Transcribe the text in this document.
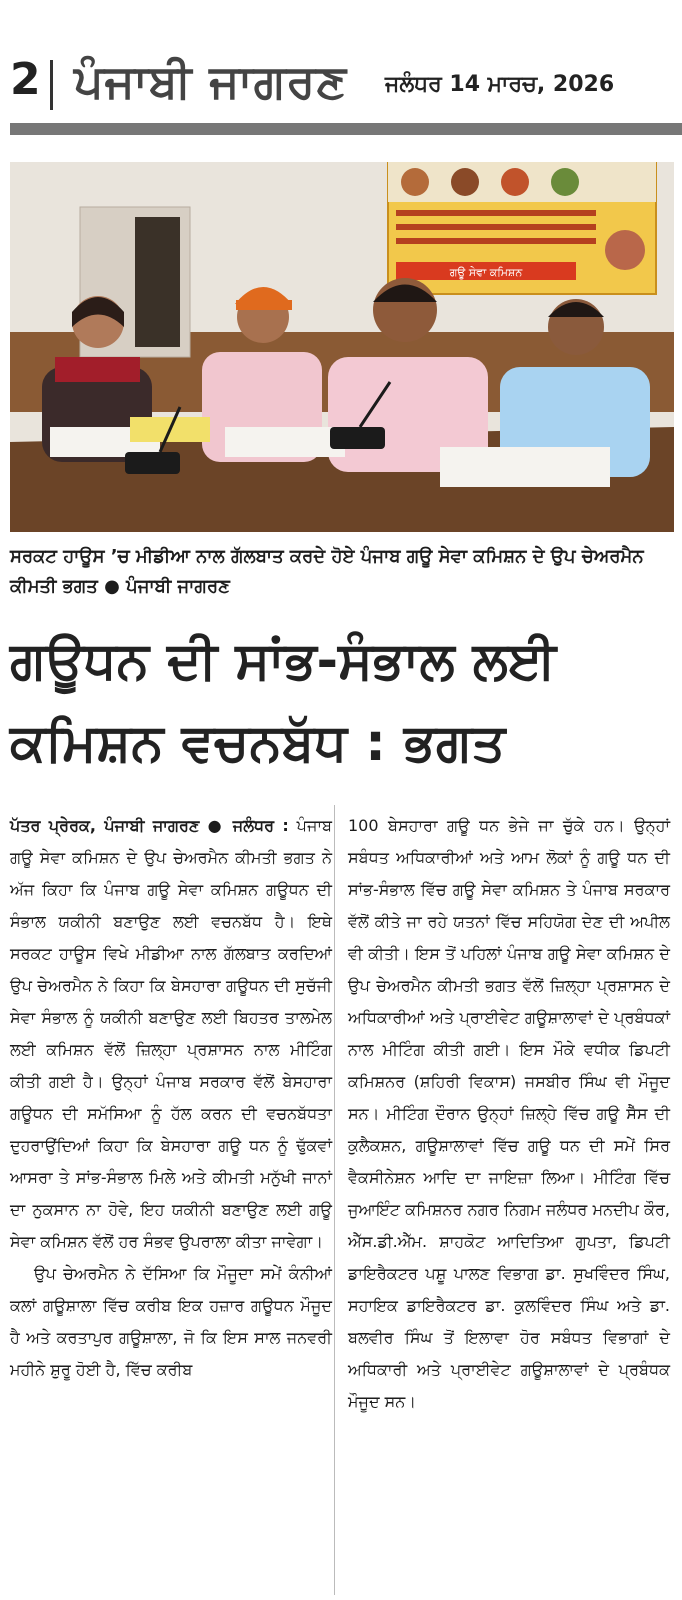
2 ਪੰਜਾਬੀ ਜਾਗਰਣ ਜਲੰਧਰ 14 ਮਾਰਚ, 2026
ਗਊ ਸੇਵਾ ਕਮਿਸ਼ਨ
ਸਰਕਟ ਹਾਊਸ ’ਚ ਮੀਡੀਆ ਨਾਲ ਗੱਲਬਾਤ ਕਰਦੇ ਹੋਏ ਪੰਜਾਬ ਗਊ ਸੇਵਾ ਕਮਿਸ਼ਨ ਦੇ ਉਪ ਚੇਅਰਮੈਨ ਕੀਮਤੀ ਭਗਤ ● ਪੰਜਾਬੀ ਜਾਗਰਣ
ਗਊਧਨ ਦੀ ਸਾਂਭ-ਸੰਭਾਲ ਲਈ ਕਮਿਸ਼ਨ ਵਚਨਬੱਧ : ਭਗਤ

ਪੱਤਰ ਪ੍ਰੇਰਕ, ਪੰਜਾਬੀ ਜਾਗਰਣ ● ਜਲੰਧਰ : ਪੰਜਾਬ ਗਊ ਸੇਵਾ ਕਮਿਸ਼ਨ ਦੇ ਉਪ ਚੇਅਰਮੈਨ ਕੀਮਤੀ ਭਗਤ ਨੇ ਅੱਜ ਕਿਹਾ ਕਿ ਪੰਜਾਬ ਗਊ ਸੇਵਾ ਕਮਿਸ਼ਨ ਗਊਧਨ ਦੀ ਸੰਭਾਲ ਯਕੀਨੀ ਬਣਾਉਣ ਲਈ ਵਚਨਬੱਧ ਹੈ। ਇਥੇ ਸਰਕਟ ਹਾਊਸ ਵਿਖੇ ਮੀਡੀਆ ਨਾਲ ਗੱਲਬਾਤ ਕਰਦਿਆਂ ਉਪ ਚੇਅਰਮੈਨ ਨੇ ਕਿਹਾ ਕਿ ਬੇਸਹਾਰਾ ਗਊਧਨ ਦੀ ਸੁਚੱਜੀ ਸੇਵਾ ਸੰਭਾਲ ਨੂੰ ਯਕੀਨੀ ਬਣਾਉਣ ਲਈ ਬਿਹਤਰ ਤਾਲਮੇਲ ਲਈ ਕਮਿਸ਼ਨ ਵੱਲੋਂ ਜ਼ਿਲ੍ਹਾ ਪ੍ਰਸ਼ਾਸਨ ਨਾਲ ਮੀਟਿੰਗ ਕੀਤੀ ਗਈ ਹੈ। ਉਨ੍ਹਾਂ ਪੰਜਾਬ ਸਰਕਾਰ ਵੱਲੋਂ ਬੇਸਹਾਰਾ ਗਊਧਨ ਦੀ ਸਮੱਸਿਆ ਨੂੰ ਹੱਲ ਕਰਨ ਦੀ ਵਚਨਬੱਧਤਾ ਦੁਹਰਾਉਂਦਿਆਂ ਕਿਹਾ ਕਿ ਬੇਸਹਾਰਾ ਗਊ ਧਨ ਨੂੰ ਢੁੱਕਵਾਂ ਆਸਰਾ ਤੇ ਸਾਂਭ-ਸੰਭਾਲ ਮਿਲੇ ਅਤੇ ਕੀਮਤੀ ਮਨੁੱਖੀ ਜਾਨਾਂ ਦਾ ਨੁਕਸਾਨ ਨਾ ਹੋਵੇ, ਇਹ ਯਕੀਨੀ ਬਣਾਉਣ ਲਈ ਗਊ ਸੇਵਾ ਕਮਿਸ਼ਨ ਵੱਲੋਂ ਹਰ ਸੰਭਵ ਉਪਰਾਲਾ ਕੀਤਾ ਜਾਵੇਗਾ।

ਉਪ ਚੇਅਰਮੈਨ ਨੇ ਦੱਸਿਆ ਕਿ ਮੌਜੂਦਾ ਸਮੇਂ ਕੰਨੀਆਂ ਕਲਾਂ ਗਊਸ਼ਾਲਾ ਵਿੱਚ ਕਰੀਬ ਇਕ ਹਜ਼ਾਰ ਗਊਧਨ ਮੌਜੂਦ ਹੈ ਅਤੇ ਕਰਤਾਪੁਰ ਗਊਸ਼ਾਲਾ, ਜੋ ਕਿ ਇਸ ਸਾਲ ਜਨਵਰੀ ਮਹੀਨੇ ਸ਼ੁਰੂ ਹੋਈ ਹੈ, ਵਿੱਚ ਕਰੀਬ

100 ਬੇਸਹਾਰਾ ਗਊ ਧਨ ਭੇਜੇ ਜਾ ਚੁੱਕੇ ਹਨ। ਉਨ੍ਹਾਂ ਸਬੰਧਤ ਅਧਿਕਾਰੀਆਂ ਅਤੇ ਆਮ ਲੋਕਾਂ ਨੂੰ ਗਊ ਧਨ ਦੀ ਸਾਂਭ-ਸੰਭਾਲ ਵਿੱਚ ਗਊ ਸੇਵਾ ਕਮਿਸ਼ਨ ਤੇ ਪੰਜਾਬ ਸਰਕਾਰ ਵੱਲੋਂ ਕੀਤੇ ਜਾ ਰਹੇ ਯਤਨਾਂ ਵਿੱਚ ਸਹਿਯੋਗ ਦੇਣ ਦੀ ਅਪੀਲ ਵੀ ਕੀਤੀ। ਇਸ ਤੋਂ ਪਹਿਲਾਂ ਪੰਜਾਬ ਗਊ ਸੇਵਾ ਕਮਿਸ਼ਨ ਦੇ ਉਪ ਚੇਅਰਮੈਨ ਕੀਮਤੀ ਭਗਤ ਵੱਲੋਂ ਜ਼ਿਲ੍ਹਾ ਪ੍ਰਸ਼ਾਸਨ ਦੇ ਅਧਿਕਾਰੀਆਂ ਅਤੇ ਪ੍ਰਾਈਵੇਟ ਗਊਸ਼ਾਲਾਵਾਂ ਦੇ ਪ੍ਰਬੰਧਕਾਂ ਨਾਲ ਮੀਟਿੰਗ ਕੀਤੀ ਗਈ। ਇਸ ਮੌਕੇ ਵਧੀਕ ਡਿਪਟੀ ਕਮਿਸ਼ਨਰ (ਸ਼ਹਿਰੀ ਵਿਕਾਸ) ਜਸਬੀਰ ਸਿੰਘ ਵੀ ਮੌਜੂਦ ਸਨ। ਮੀਟਿੰਗ ਦੌਰਾਨ ਉਨ੍ਹਾਂ ਜ਼ਿਲ੍ਹੇ ਵਿੱਚ ਗਊ ਸੈੱਸ ਦੀ ਕੁਲੈਕਸ਼ਨ, ਗਊਸ਼ਾਲਾਵਾਂ ਵਿੱਚ ਗਊ ਧਨ ਦੀ ਸਮੇਂ ਸਿਰ ਵੈਕਸੀਨੇਸ਼ਨ ਆਦਿ ਦਾ ਜਾਇਜ਼ਾ ਲਿਆ। ਮੀਟਿੰਗ ਵਿੱਚ ਜੁਆਇੰਟ ਕਮਿਸ਼ਨਰ ਨਗਰ ਨਿਗਮ ਜਲੰਧਰ ਮਨਦੀਪ ਕੌਰ, ਐੱਸ.ਡੀ.ਐੱਮ. ਸ਼ਾਹਕੋਟ ਆਦਿਤਿਆ ਗੁਪਤਾ, ਡਿਪਟੀ ਡਾਇਰੈਕਟਰ ਪਸ਼ੂ ਪਾਲਣ ਵਿਭਾਗ ਡਾ. ਸੁਖਵਿੰਦਰ ਸਿੰਘ, ਸਹਾਇਕ ਡਾਇਰੈਕਟਰ ਡਾ. ਕੁਲਵਿੰਦਰ ਸਿੰਘ ਅਤੇ ਡਾ. ਬਲਵੀਰ ਸਿੰਘ ਤੋਂ ਇਲਾਵਾ ਹੋਰ ਸਬੰਧਤ ਵਿਭਾਗਾਂ ਦੇ ਅਧਿਕਾਰੀ ਅਤੇ ਪ੍ਰਾਈਵੇਟ ਗਊਸ਼ਾਲਾਵਾਂ ਦੇ ਪ੍ਰਬੰਧਕ ਮੌਜੂਦ ਸਨ।
